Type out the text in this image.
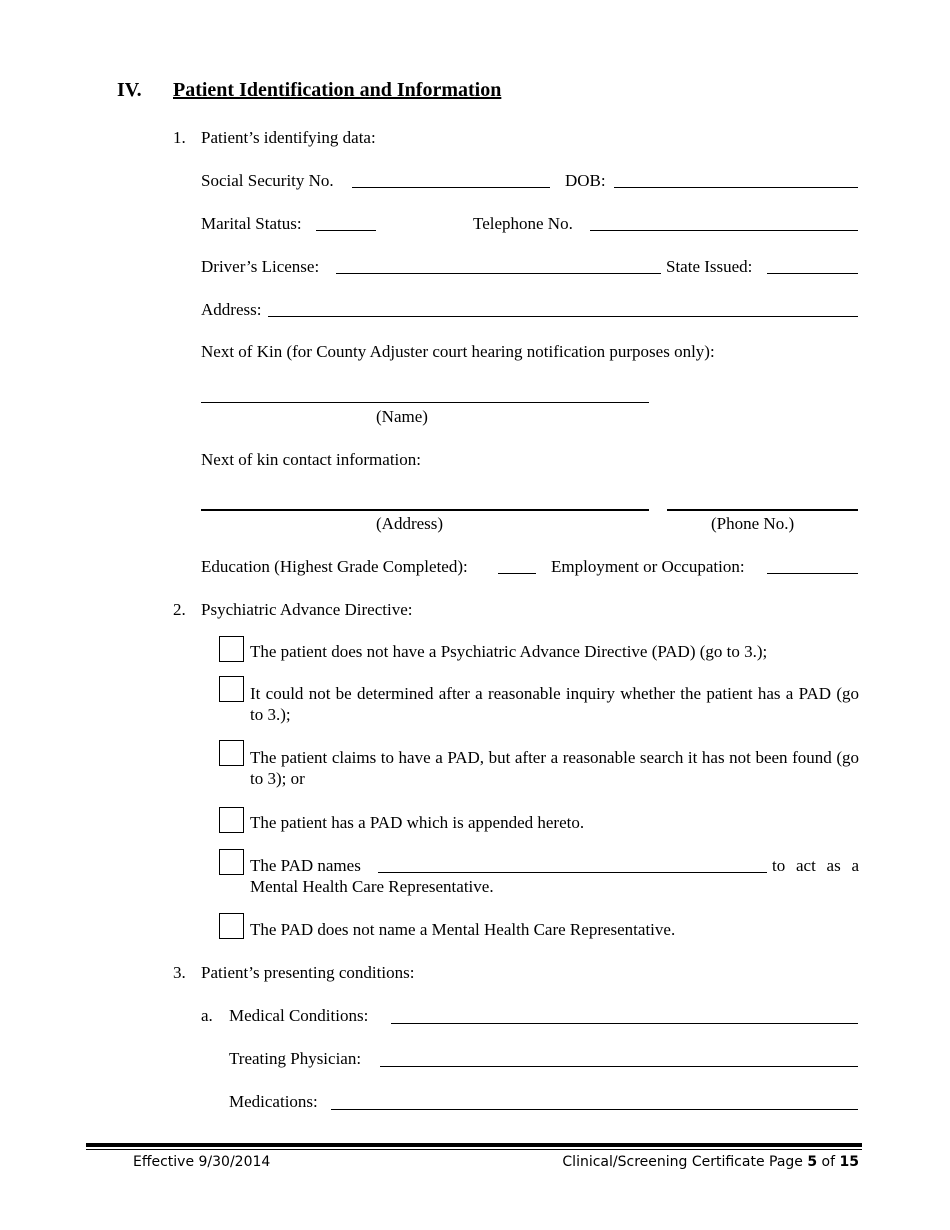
IV. Patient Identification and Information
1. Patient’s identifying data:
Social Security No.	DOB:
Marital Status:	Telephone No.
Driver’s License:	State Issued:
Address:
Next of Kin (for County Adjuster court hearing notification purposes only):
(Name)
Next of kin contact information:
(Address)	(Phone No.)
Education (Highest Grade Completed):	Employment or Occupation:
2. Psychiatric Advance Directive:
The patient does not have a Psychiatric Advance Directive (PAD) (go to 3.);
It could not be determined after a reasonable inquiry whether the patient has a PAD (go to 3.);
The patient claims to have a PAD, but after a reasonable search it has not been found (go to 3); or
The patient has a PAD which is appended hereto.
The PAD names	to act as a
Mental Health Care Representative.
The PAD does not name a Mental Health Care Representative.
3. Patient’s presenting conditions:
a. Medical Conditions:
Treating Physician:
Medications:
Effective 9/30/2014	Clinical/Screening Certificate Page 5 of 15
